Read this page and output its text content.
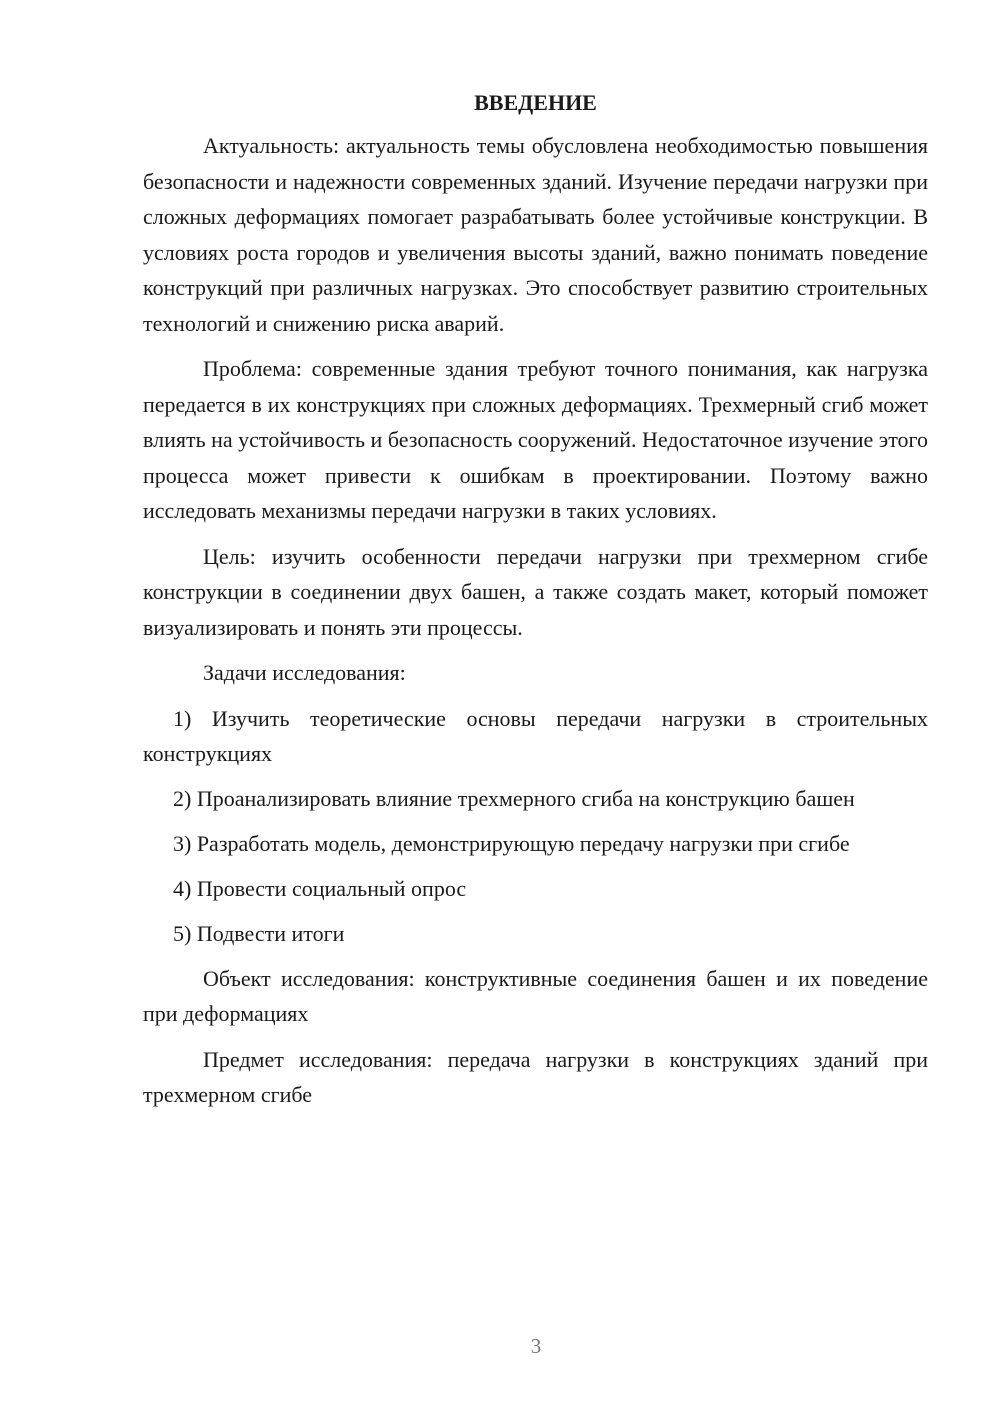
ВВЕДЕНИЕ

Актуальность: актуальность темы обусловлена необходимостью повышения безопасности и надежности современных зданий. Изучение передачи нагрузки при сложных деформациях помогает разрабатывать более устойчивые конструкции. В условиях роста городов и увеличения высоты зданий, важно понимать поведение конструкций при различных нагрузках. Это способствует развитию строительных технологий и снижению риска аварий.

Проблема: современные здания требуют точного понимания, как нагрузка передается в их конструкциях при сложных деформациях. Трехмерный сгиб может влиять на устойчивость и безопасность сооружений. Недостаточное изучение этого процесса может привести к ошибкам в проектировании. Поэтому важно исследовать механизмы передачи нагрузки в таких условиях.

Цель: изучить особенности передачи нагрузки при трехмерном сгибе конструкции в соединении двух башен, а также создать макет, который поможет визуализировать и понять эти процессы.

Задачи исследования:

1) Изучить теоретические основы передачи нагрузки в строительных конструкциях

2) Проанализировать влияние трехмерного сгиба на конструкцию башен

3) Разработать модель, демонстрирующую передачу нагрузки при сгибе

4) Провести социальный опрос

5) Подвести итоги

Объект исследования: конструктивные соединения башен и их поведение при деформациях

Предмет исследования: передача нагрузки в конструкциях зданий при трехмерном сгибе

3
